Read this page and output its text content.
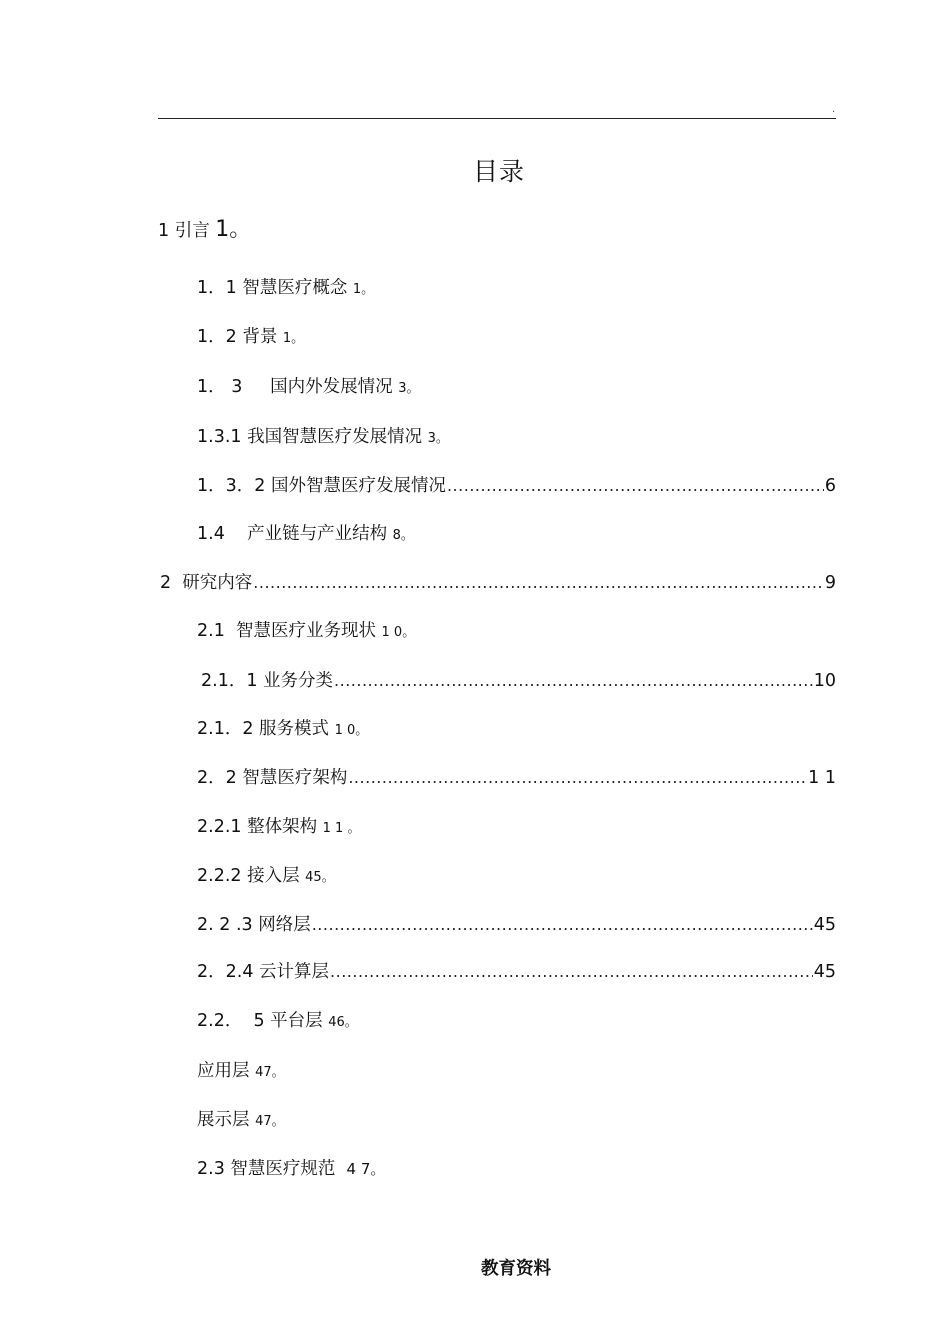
.
目录
1 引言 1。
1．1 智慧医疗概念 1。
1．2 背景 1。
1． 3     国内外发展情况 3。
1.3.1 我国智慧医疗发展情况 3。
1．3．2 国外智慧医疗发展情况 .....	6
1.4    产业链与产业结构 8。
2  研究内容 .....	9
2.1  智慧医疗业务现状 1 0。
2.1．1 业务分类 .....	10
2.1．2 服务模式 1 0。
2．2 智慧医疗架构 .....	1 1
2.2.1 整体架构 1 1 。
2.2.2 接入层 45。
2. 2 .3 网络层 .....	45
2．2.4 云计算层 .....	45
2.2．  5 平台层 46。
应用层 47。
展示层 47。
2.3 智慧医疗规范 4 7。
教育资料
